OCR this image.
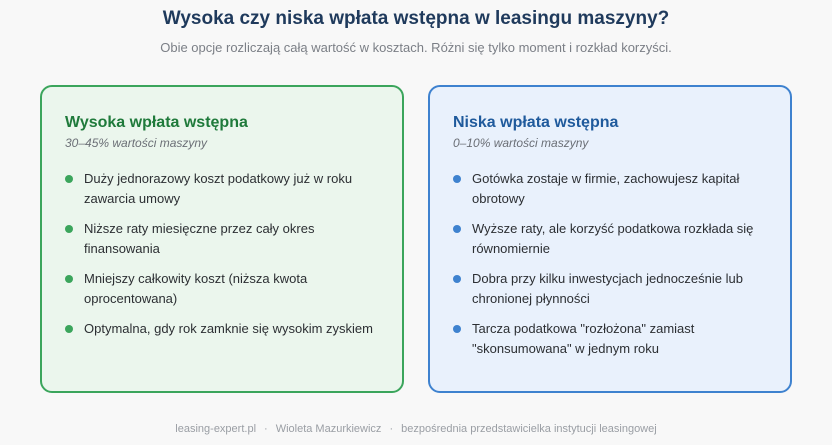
Wysoka czy niska wpłata wstępna w leasingu maszyny?

Obie opcje rozliczają całą wartość w kosztach. Różni się tylko moment i rozkład korzyści.

Wysoka wpłata wstępna

30–45% wartości maszyny

Duży jednorazowy koszt podatkowy już w roku zawarcia umowy
Niższe raty miesięczne przez cały okres finansowania
Mniejszy całkowity koszt (niższa kwota oprocentowana)
Optymalna, gdy rok zamknie się wysokim zyskiem
Niska wpłata wstępna

0–10% wartości maszyny

Gotówka zostaje w firmie, zachowujesz kapitał obrotowy
Wyższe raty, ale korzyść podatkowa rozkłada się równomiernie
Dobra przy kilku inwestycjach jednocześnie lub chronionej płynności
Tarcza podatkowa "rozłożona" zamiast "skonsumowana" w jednym roku
leasing-expert.pl · Wioleta Mazurkiewicz · bezpośrednia przedstawicielka instytucji leasingowej
